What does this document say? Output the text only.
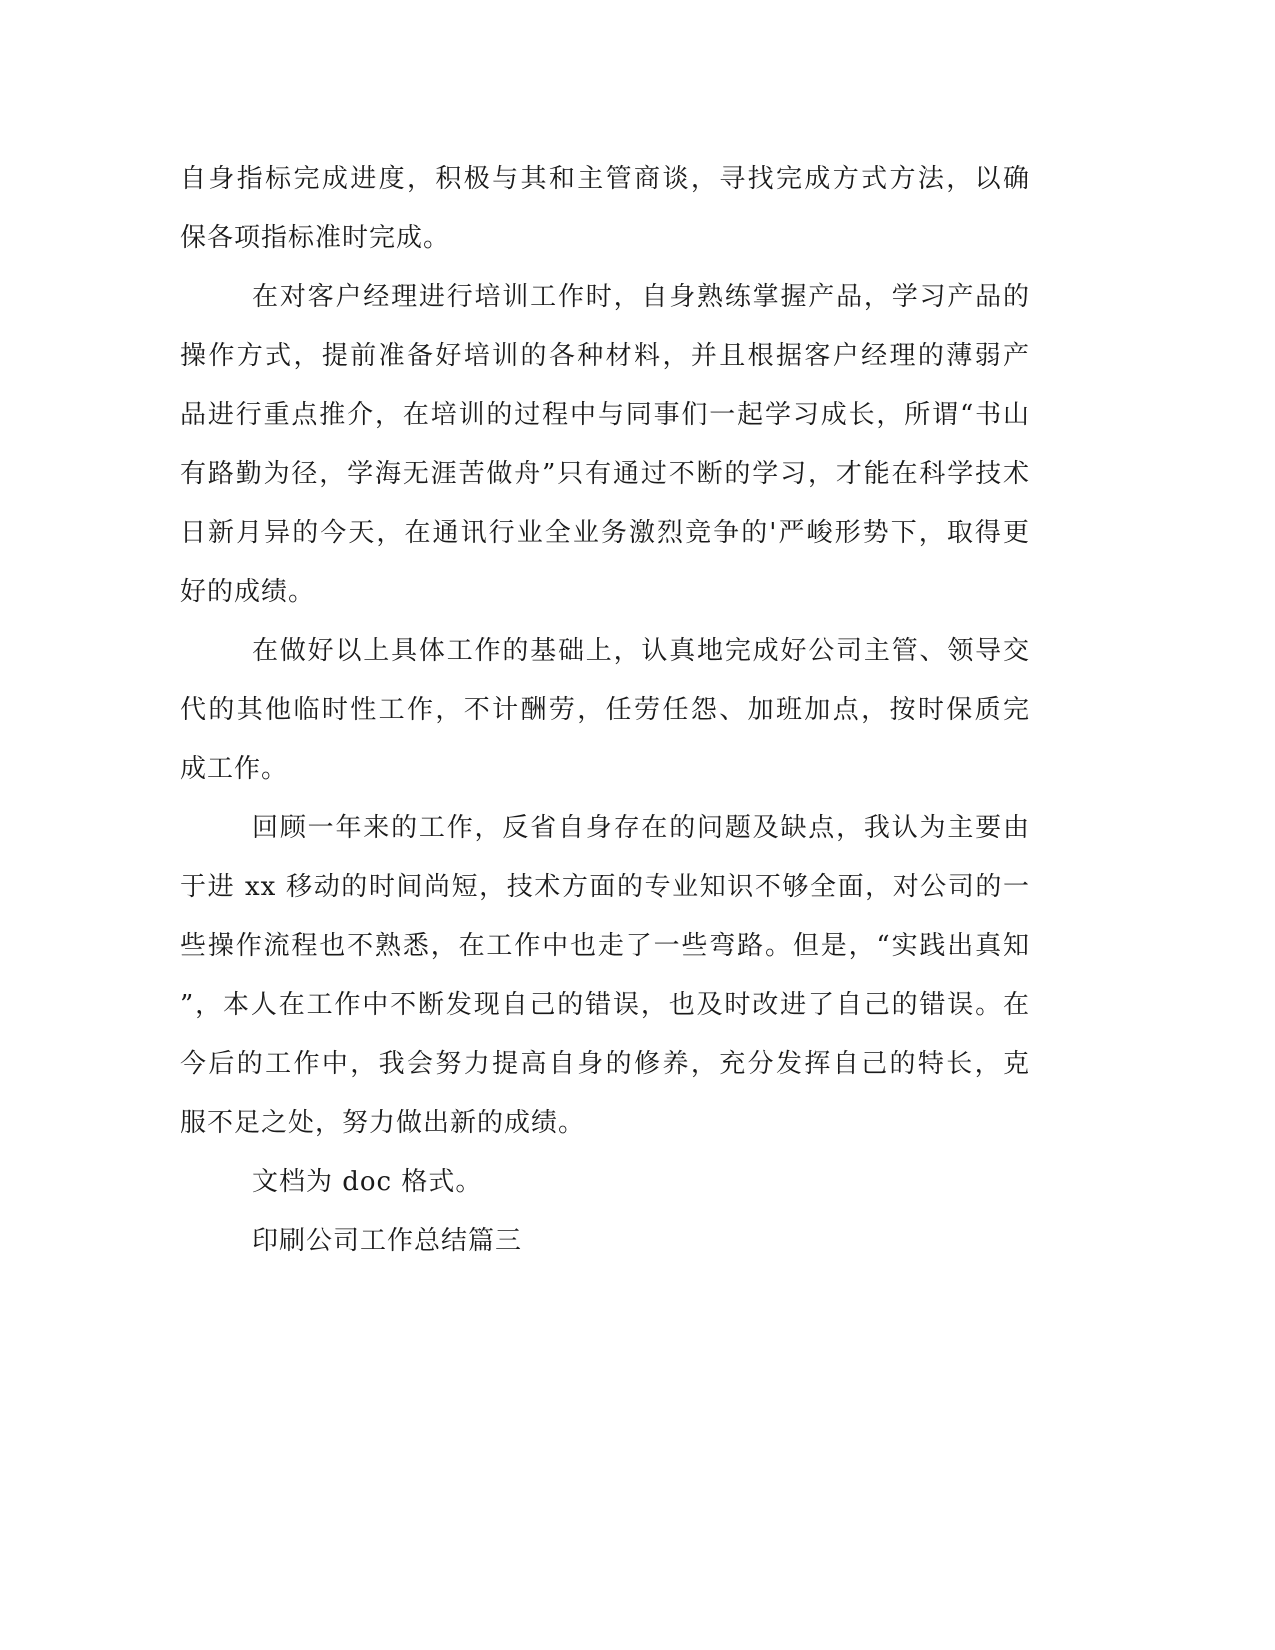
自身指标完成进度，积极与其和主管商谈，寻找完成方式方法，以确
保各项指标准时完成。
在对客户经理进行培训工作时，自身熟练掌握产品，学习产品的
操作方式，提前准备好培训的各种材料，并且根据客户经理的薄弱产
品进行重点推介，在培训的过程中与同事们一起学习成长，所谓“书山
有路勤为径，学海无涯苦做舟”只有通过不断的学习，才能在科学技术
日新月异的今天，在通讯行业全业务激烈竞争的'严峻形势下，取得更
好的成绩。
在做好以上具体工作的基础上，认真地完成好公司主管、领导交
代的其他临时性工作，不计酬劳，任劳任怨、加班加点，按时保质完
成工作。
回顾一年来的工作，反省自身存在的问题及缺点，我认为主要由
于进 xx 移动的时间尚短，技术方面的专业知识不够全面，对公司的一
些操作流程也不熟悉，在工作中也走了一些弯路。但是，“实践出真知
”，本人在工作中不断发现自己的错误，也及时改进了自己的错误。在
今后的工作中，我会努力提高自身的修养，充分发挥自己的特长，克
服不足之处，努力做出新的成绩。
文档为 doc 格式。
印刷公司工作总结篇三
